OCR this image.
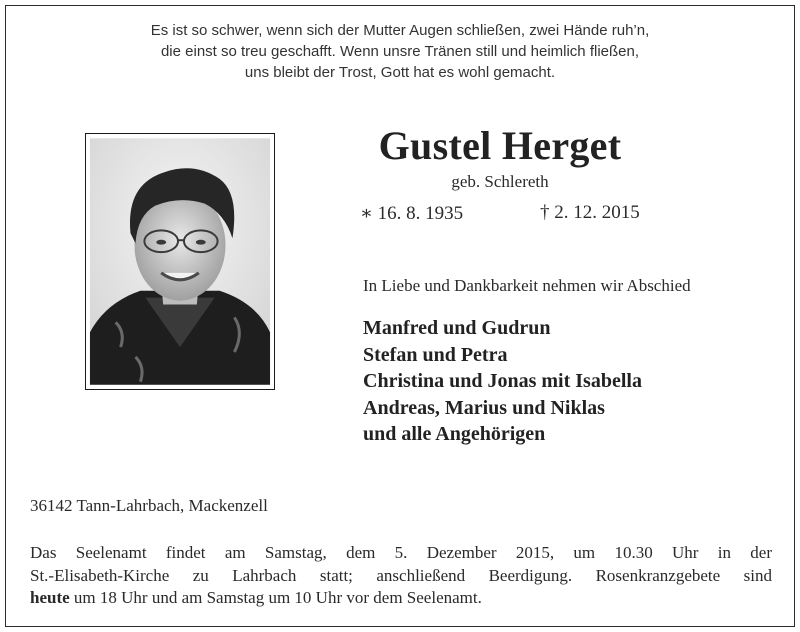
Es ist so schwer, wenn sich der Mutter Augen schließen, zwei Hände ruh’n,
die einst so treu geschafft. Wenn unsre Tränen still und heimlich fließen,
uns bleibt der Trost, Gott hat es wohl gemacht.
Gustel Herget
geb. Schlereth
∗ 16. 8. 1935	† 2. 12. 2015
In Liebe und Dankbarkeit nehmen wir Abschied
Manfred und Gudrun
Stefan und Petra
Christina und Jonas mit Isabella
Andreas, Marius und Niklas
und alle Angehörigen
36142 Tann-Lahrbach, Mackenzell
Das Seelenamt findet am Samstag, dem 5. Dezember 2015, um 10.30 Uhr in der
St.-Elisabeth-Kirche zu Lahrbach statt; anschließend Beerdigung. Rosenkranzgebete sind
heute um 18 Uhr und am Samstag um 10 Uhr vor dem Seelenamt.
